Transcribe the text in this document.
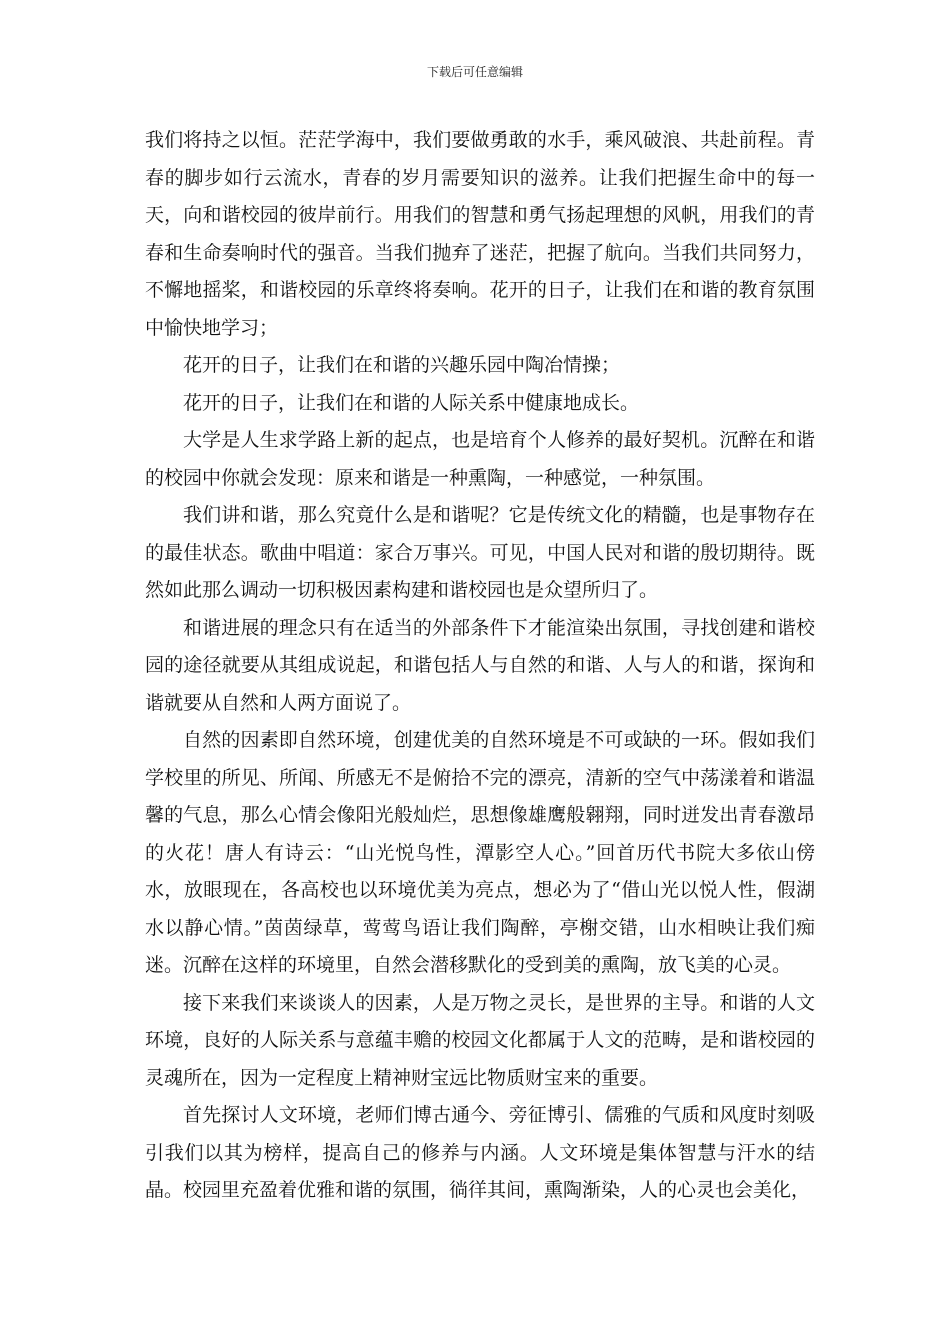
下载后可任意编辑

我们将持之以恒。茫茫学海中，我们要做勇敢的水手，乘风破浪、共赴前程。青春的脚步如行云流水，青春的岁月需要知识的滋养。让我们把握生命中的每一天，向和谐校园的彼岸前行。用我们的智慧和勇气扬起理想的风帆，用我们的青春和生命奏响时代的强音。当我们抛弃了迷茫，把握了航向。当我们共同努力，不懈地摇桨，和谐校园的乐章终将奏响。花开的日子，让我们在和谐的教育氛围中愉快地学习；

花开的日子，让我们在和谐的兴趣乐园中陶冶情操；

花开的日子，让我们在和谐的人际关系中健康地成长。

大学是人生求学路上新的起点，也是培育个人修养的最好契机。沉醉在和谐的校园中你就会发现：原来和谐是一种熏陶，一种感觉，一种氛围。

我们讲和谐，那么究竟什么是和谐呢？它是传统文化的精髓，也是事物存在的最佳状态。歌曲中唱道：家合万事兴。可见，中国人民对和谐的殷切期待。既然如此那么调动一切积极因素构建和谐校园也是众望所归了。

和谐进展的理念只有在适当的外部条件下才能渲染出氛围，寻找创建和谐校园的途径就要从其组成说起，和谐包括人与自然的和谐、人与人的和谐，探询和谐就要从自然和人两方面说了。

自然的因素即自然环境，创建优美的自然环境是不可或缺的一环。假如我们学校里的所见、所闻、所感无不是俯拾不完的漂亮，清新的空气中荡漾着和谐温馨的气息，那么心情会像阳光般灿烂，思想像雄鹰般翱翔，同时迸发出青春激昂的火花！唐人有诗云：“山光悦鸟性，潭影空人心。”回首历代书院大多依山傍水，放眼现在，各高校也以环境优美为亮点，想必为了“借山光以悦人性，假湖水以静心情。”茵茵绿草，莺莺鸟语让我们陶醉，亭榭交错，山水相映让我们痴迷。沉醉在这样的环境里，自然会潜移默化的受到美的熏陶，放飞美的心灵。

接下来我们来谈谈人的因素，人是万物之灵长，是世界的主导。和谐的人文环境，良好的人际关系与意蕴丰赡的校园文化都属于人文的范畴，是和谐校园的灵魂所在，因为一定程度上精神财宝远比物质财宝来的重要。

首先探讨人文环境，老师们博古通今、旁征博引、儒雅的气质和风度时刻吸引我们以其为榜样，提高自己的修养与内涵。人文环境是集体智慧与汗水的结晶。校园里充盈着优雅和谐的氛围，徜徉其间，熏陶渐染，人的心灵也会美化，
